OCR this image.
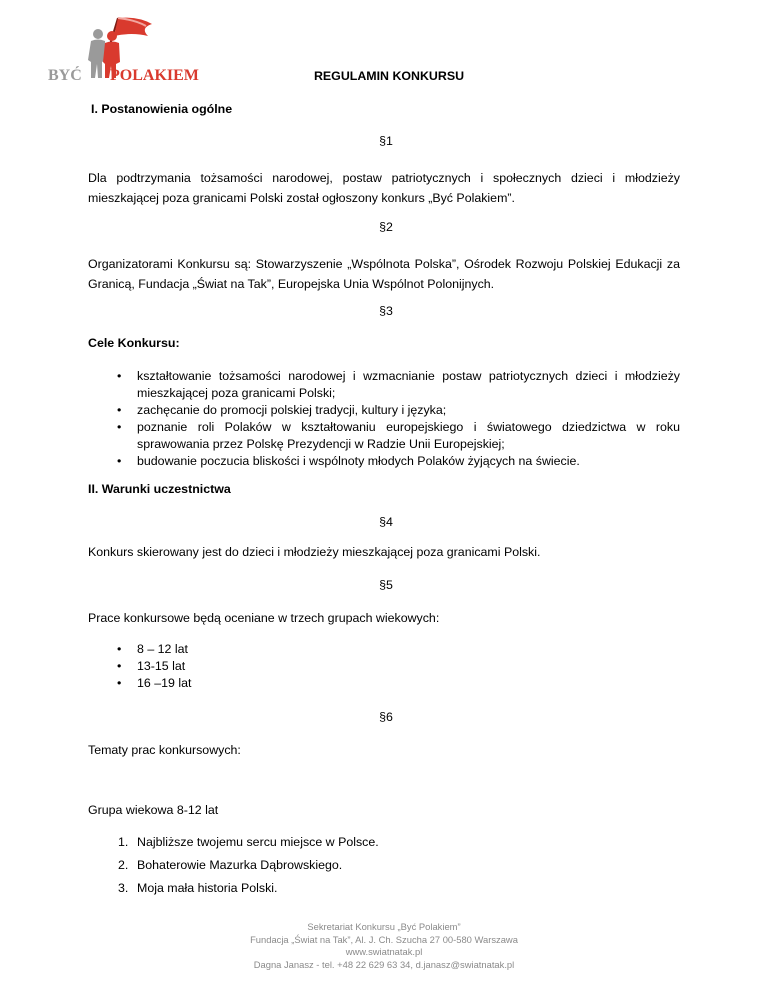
BYĆ POLAKIEM	REGULAMIN KONKURSU
I. Postanowienia ogólne
§1
Dla podtrzymania tożsamości narodowej, postaw patriotycznych i społecznych dzieci i młodzieży mieszkającej poza granicami Polski został ogłoszony konkurs „Być Polakiem”.
§2
Organizatorami Konkursu są: Stowarzyszenie „Wspólnota Polska”, Ośrodek Rozwoju Polskiej Edukacji za Granicą, Fundacja „Świat na Tak”, Europejska Unia Wspólnot Polonijnych.
§3
Cele Konkursu:
• kształtowanie tożsamości narodowej i wzmacnianie postaw patriotycznych dzieci i młodzieży mieszkającej poza granicami Polski;
• zachęcanie do promocji polskiej tradycji, kultury i języka;
• poznanie roli Polaków w kształtowaniu europejskiego i światowego dziedzictwa w roku sprawowania przez Polskę Prezydencji w Radzie Unii Europejskiej;
• budowanie poczucia bliskości i wspólnoty młodych Polaków żyjących na świecie.
II. Warunki uczestnictwa
§4
Konkurs skierowany jest do dzieci i młodzieży mieszkającej poza granicami Polski.
§5
Prace konkursowe będą oceniane w trzech grupach wiekowych:
• 8 – 12 lat
• 13-15 lat
• 16 –19 lat
§6
Tematy prac konkursowych:
Grupa wiekowa 8-12 lat
1. Najbliższe twojemu sercu miejsce w Polsce.
2. Bohaterowie Mazurka Dąbrowskiego.
3. Moja mała historia Polski.
Sekretariat Konkursu „Być Polakiem”
Fundacja „Świat na Tak”, Al. J. Ch. Szucha 27 00-580 Warszawa
www.swiatnatak.pl
Dagna Janasz - tel. +48 22 629 63 34, d.janasz@swiatnatak.pl
